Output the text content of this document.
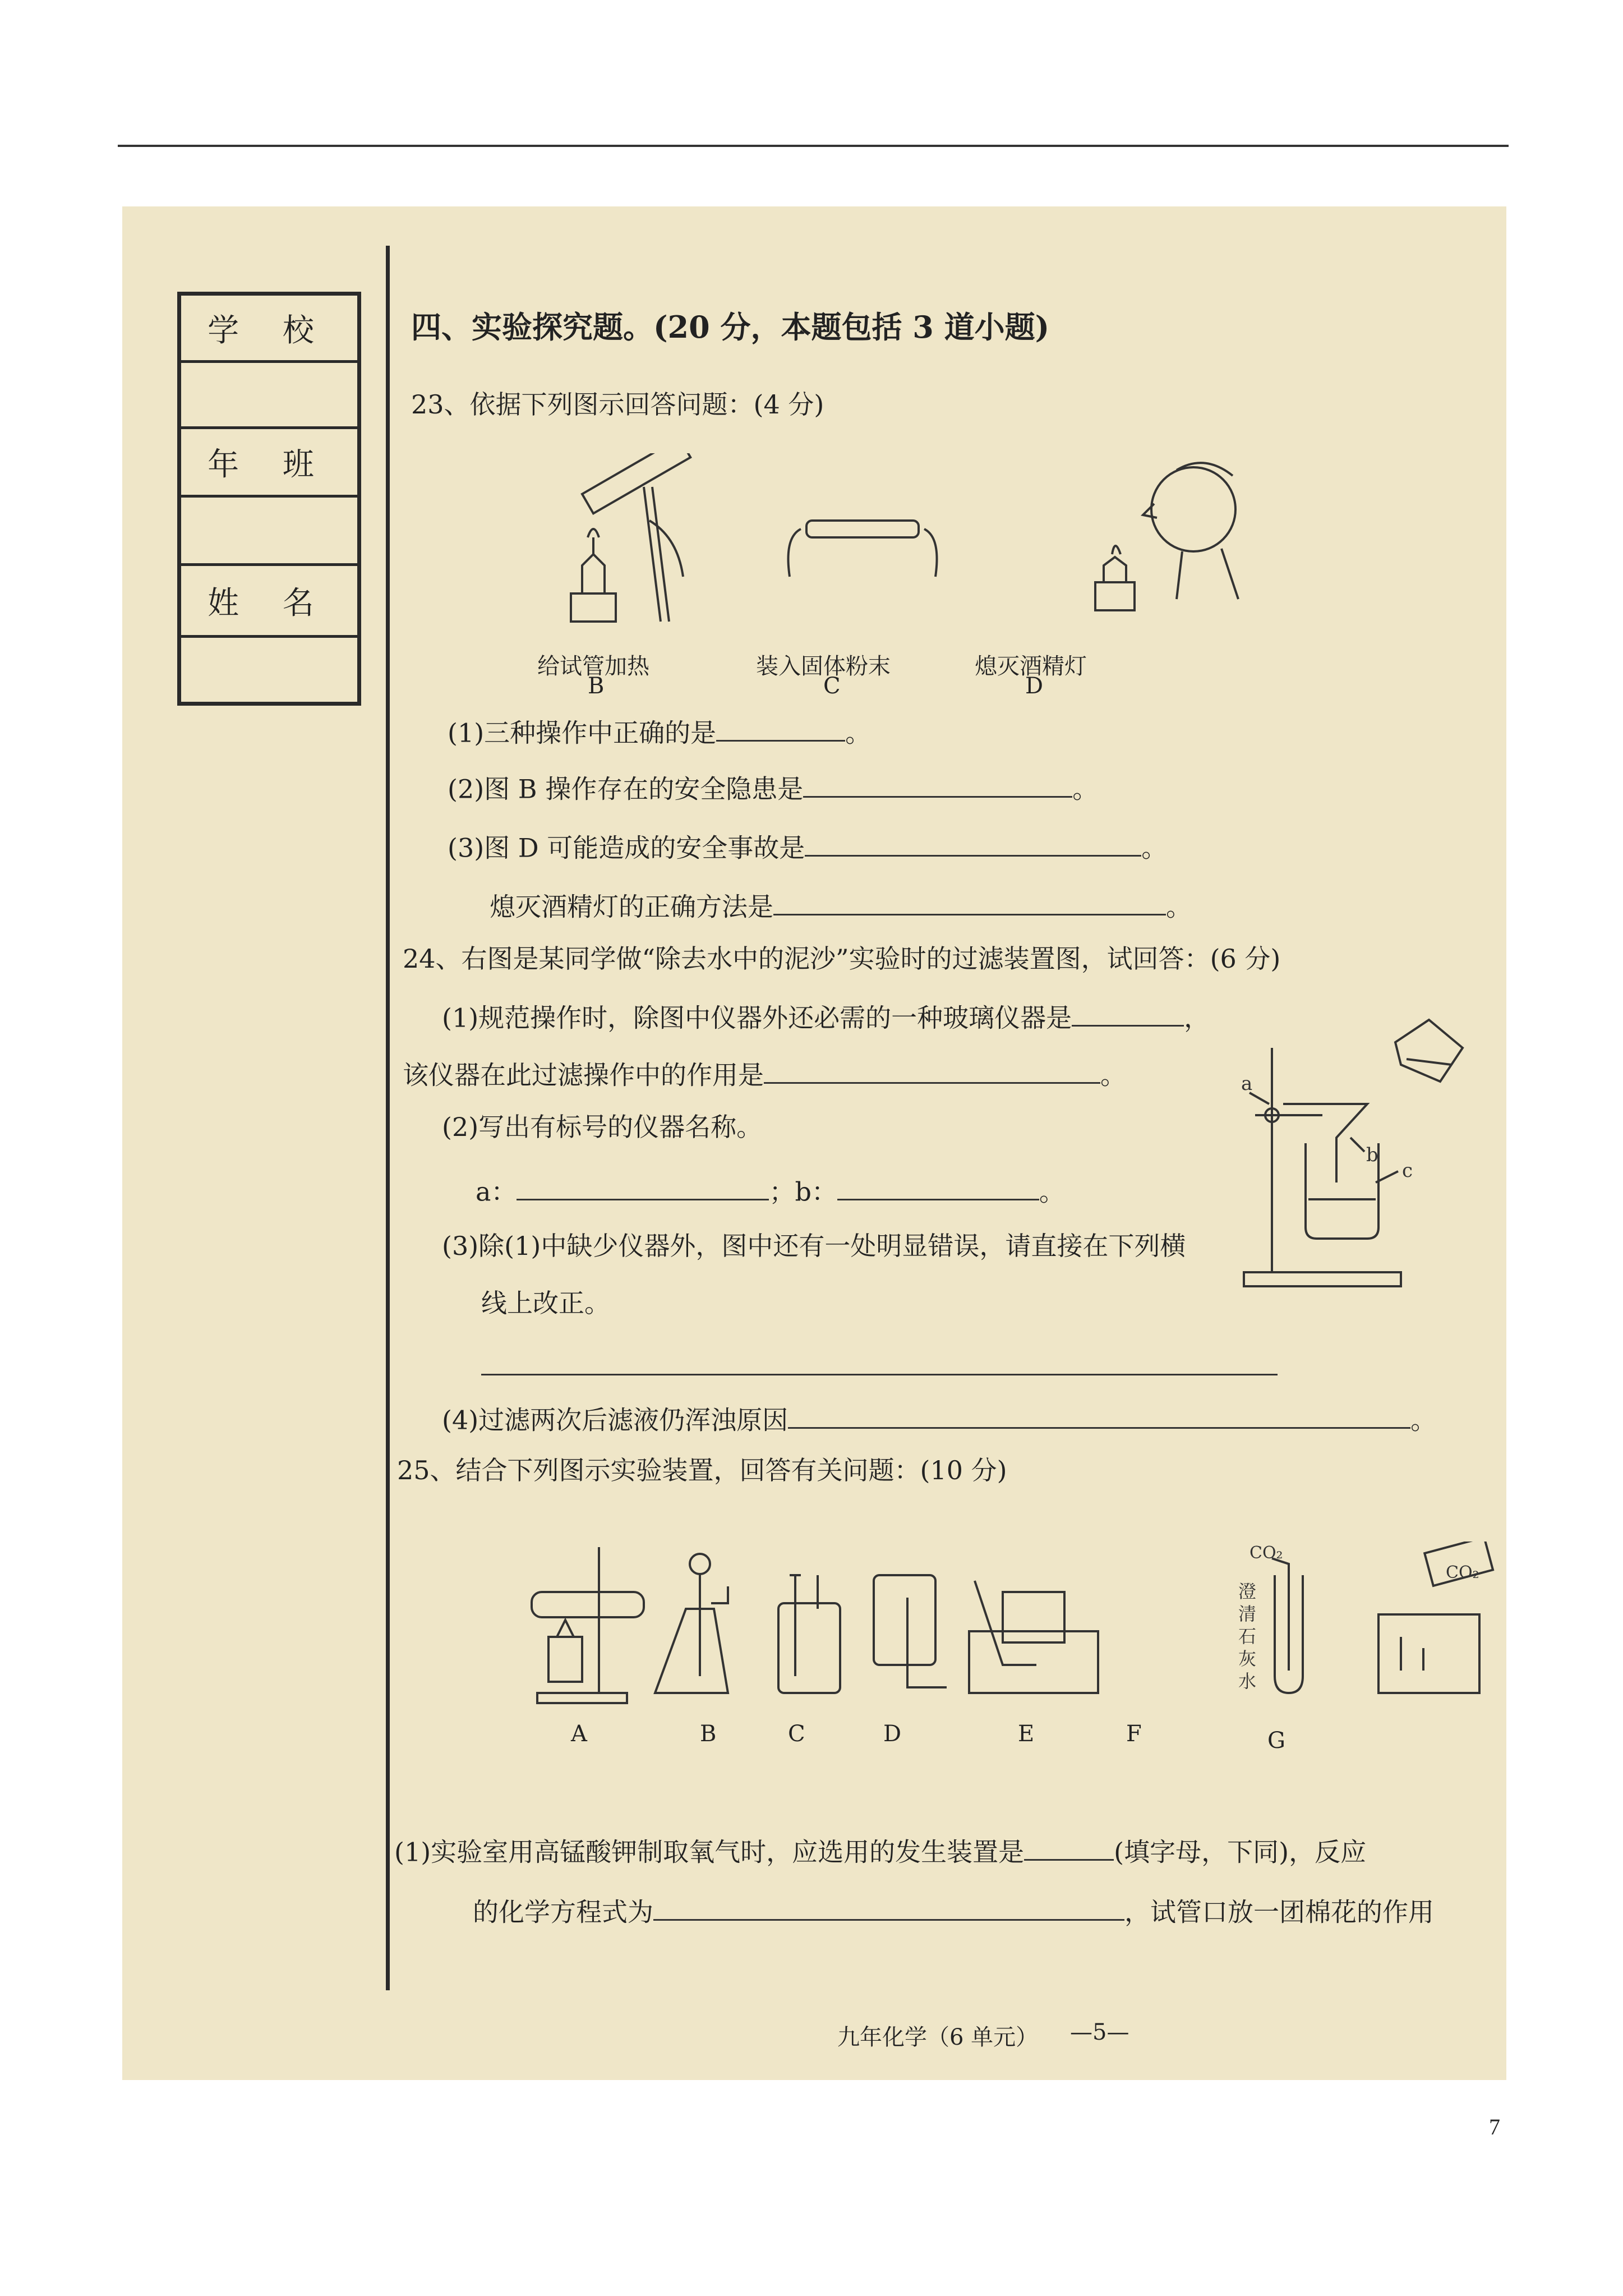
学 校
年 班
姓 名
四、实验探究题。(20 分，本题包括 3 道小题)
23、依据下列图示回答问题：(4 分)
给试管加热
B
装入固体粉末
C
熄灭酒精灯
D
(1)三种操作中正确的是	。
(2)图 B 操作存在的安全隐患是	。
(3)图 D 可能造成的安全事故是	。
熄灭酒精灯的正确方法是	。
24、右图是某同学做“除去水中的泥沙”实验时的过滤装置图，试回答：(6 分)
(1)规范操作时，除图中仪器外还必需的一种玻璃仪器是	，
该仪器在此过滤操作中的作用是	。
(2)写出有标号的仪器名称。
a：	；b：	。
(3)除(1)中缺少仪器外，图中还有一处明显错误，请直接在下列横
线上改正。
(4)过滤两次后滤液仍浑浊原因	。
a
b
c
25、结合下列图示实验装置，回答有关问题：(10 分)
CO₂
CO₂
澄
清
石
灰
水
A	B	C	D	E	F	G
(1)实验室用高锰酸钾制取氧气时，应选用的发生装置是	(填字母，下同)，反应
的化学方程式为	，试管口放一团棉花的作用
九年化学（6 单元） —5—
7
